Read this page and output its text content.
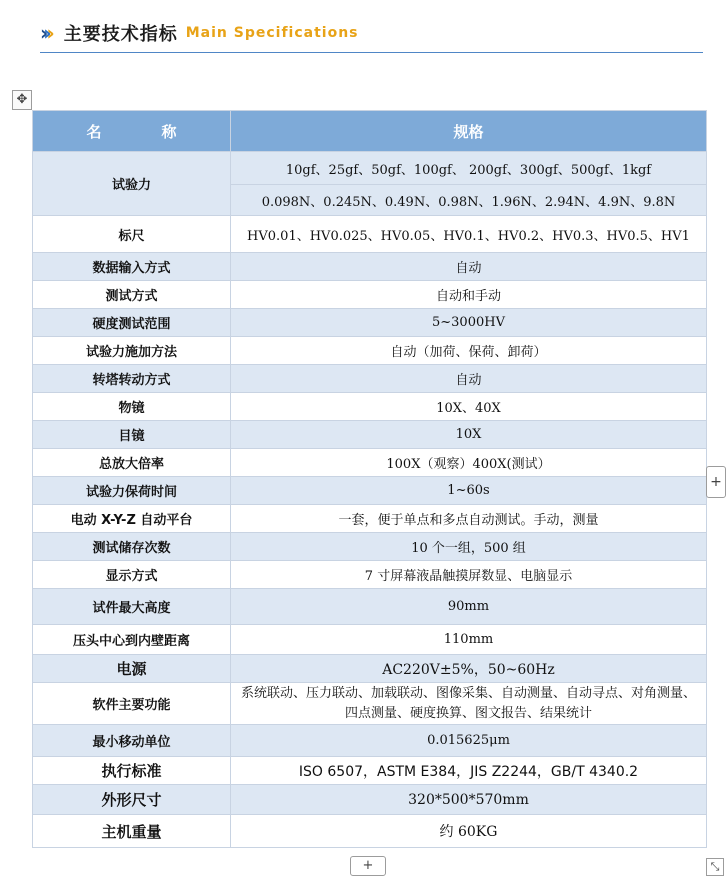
››› 主要技术指标 Main Specifications
✥
名　　　　称	规格
试验力	10gf、25gf、50gf、100gf、 200gf、300gf、500gf、1kgf
	0.098N、0.245N、0.49N、0.98N、1.96N、2.94N、4.9N、9.8N
标尺	HV0.01、HV0.025、HV0.05、HV0.1、HV0.2、HV0.3、HV0.5、HV1
数据输入方式	自动
测试方式	自动和手动
硬度测试范围	5~3000HV
试验力施加方法	自动（加荷、保荷、卸荷）
转塔转动方式	自动
物镜	10X、40X
目镜	10X
总放大倍率	100X（观察）400X(测试）
试验力保荷时间	1~60s
电动 X-Y-Z 自动平台	一套，便于单点和多点自动测试。手动，测量
测试储存次数	10 个一组，500 组
显示方式	7 寸屏幕液晶触摸屏数显、电脑显示
试件最大高度	90mm
压头中心到内壁距离	110mm
电源	AC220V±5%，50~60Hz
软件主要功能	系统联动、压力联动、加载联动、图像采集、自动测量、自动寻点、对角测量、四点测量、硬度换算、图文报告、结果统计
最小移动单位	0.015625μm
执行标准	ISO 6507，ASTM E384，JIS Z2244，GB/T 4340.2
外形尺寸	320*500*570mm
主机重量	约 60KG
+
+	⤡
